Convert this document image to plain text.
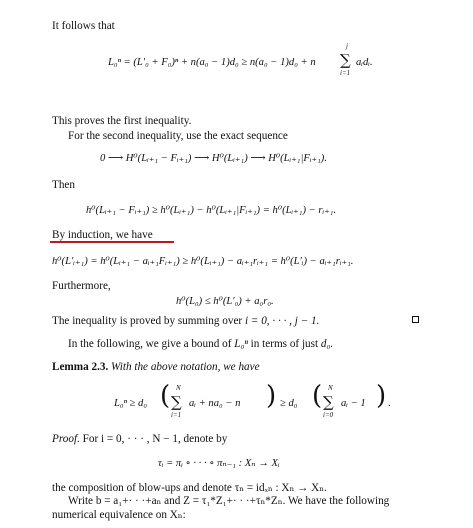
It follows that
L₀ⁿ = (L′₀ + F₀)ⁿ + n(a₀ − 1)d₀ ≥ n(a₀ − 1)d₀ + n
j
∑
i=1
aᵢdᵢ.
This proves the first inequality.
For the second inequality, use the exact sequence
0 ⟶ H⁰(Lᵢ₊₁ − Fᵢ₊₁) ⟶ H⁰(Lᵢ₊₁) ⟶ H⁰(Lᵢ₊₁|Fᵢ₊₁).
Then
h⁰(Lᵢ₊₁ − Fᵢ₊₁) ≥ h⁰(Lᵢ₊₁) − h⁰(Lᵢ₊₁|Fᵢ₊₁) = h⁰(Lᵢ₊₁) − rᵢ₊₁.
By induction, we have
h⁰(L′ᵢ₊₁) = h⁰(Lᵢ₊₁ − aᵢ₊₁Fᵢ₊₁) ≥ h⁰(Lᵢ₊₁) − aᵢ₊₁rᵢ₊₁ = h⁰(L′ᵢ) − aᵢ₊₁rᵢ₊₁.
Furthermore,
h⁰(L₀) ≤ h⁰(L′₀) + a₀r₀.
The inequality is proved by summing over i = 0, · · · , j − 1.
In the following, we give a bound of L₀ⁿ in terms of just d₀.
Lemma 2.3. With the above notation, we have
L₀ⁿ ≥ d₀ ( N
∑
i=1
aᵢ + na₀ − n ) ≥ d₀ ( N
∑
i=0
aᵢ − 1 ) .
Proof. For i = 0, · · · , N − 1, denote by
τᵢ = πᵢ ∘ · · · ∘ πₙ₋₁ : Xₙ → Xᵢ
the composition of blow-ups and denote τₙ = idₓₙ : Xₙ → Xₙ.
Write b = a₁+· · ·+aₙ and Z = τ₁*Z₁+· · ·+τₙ*Zₙ. We have the following
numerical equivalence on Xₙ:
